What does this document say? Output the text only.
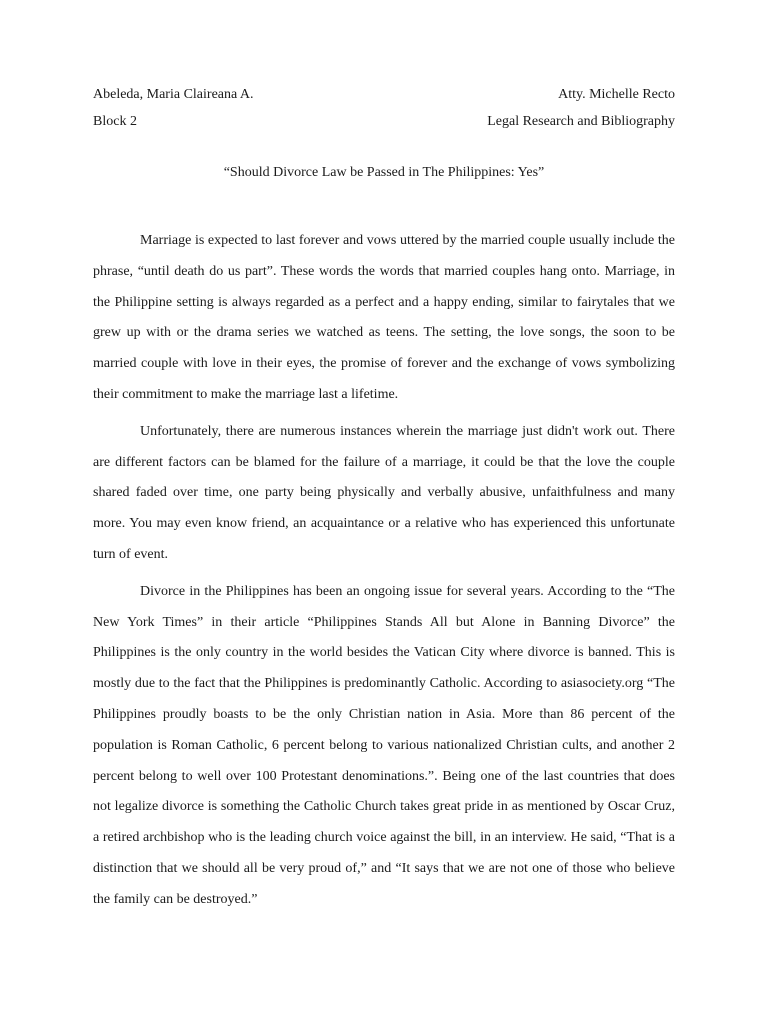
Abeleda, Maria Claireana A.	Atty. Michelle Recto
Block 2	Legal Research and Bibliography
“Should Divorce Law be Passed in The Philippines: Yes”

Marriage is expected to last forever and vows uttered by the married couple usually include the phrase, “until death do us part”. These words the words that married couples hang onto. Marriage, in the Philippine setting is always regarded as a perfect and a happy ending, similar to fairytales that we grew up with or the drama series we watched as teens. The setting, the love songs, the soon to be married couple with love in their eyes, the promise of forever and the exchange of vows symbolizing their commitment to make the marriage last a lifetime.

Unfortunately, there are numerous instances wherein the marriage just didn't work out. There are different factors can be blamed for the failure of a marriage, it could be that the love the couple shared faded over time, one party being physically and verbally abusive, unfaithfulness and many more. You may even know friend, an acquaintance or a relative who has experienced this unfortunate turn of event.

Divorce in the Philippines has been an ongoing issue for several years. According to the “The New York Times” in their article “Philippines Stands All but Alone in Banning Divorce” the Philippines is the only country in the world besides the Vatican City where divorce is banned. This is mostly due to the fact that the Philippines is predominantly Catholic. According to asiasociety.org “The Philippines proudly boasts to be the only Christian nation in Asia. More than 86 percent of the population is Roman Catholic, 6 percent belong to various nationalized Christian cults, and another 2 percent belong to well over 100 Protestant denominations.”. Being one of the last countries that does not legalize divorce is something the Catholic Church takes great pride in as mentioned by Oscar Cruz, a retired archbishop who is the leading church voice against the bill, in an interview. He said, “That is a distinction that we should all be very proud of,” and “It says that we are not one of those who believe the family can be destroyed.”
